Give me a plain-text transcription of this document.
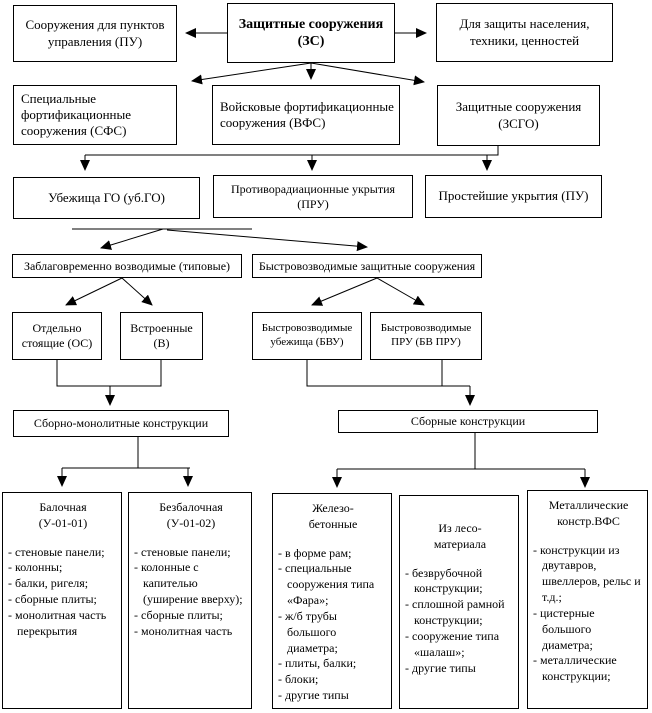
Сооружения для пунктов управления (ПУ)
Защитные сооружения (ЗС)
Для защиты населения, техники, ценностей
Специальные фортификационные сооружения (СФС)
Войсковые фортификационные сооружения (ВФС)
Защитные сооружения (ЗСГО)
Убежища ГО (уб.ГО)
Противорадиационные укрытия (ПРУ)
Простейшие укрытия (ПУ)
Заблаговременно возводимые (типовые)	Быстровозводимые защитные сооружения
Отдельно стоящие (ОС)
Встроенные (В)
Быстровозводимые убежища (БВУ)
Быстровозводимые ПРУ (БВ ПРУ)
Сборно-монолитные конструкции	Сборные конструкции
Балочная
(У-01-01)
- стеновые панели;
- колонны;
- балки, ригеля;
- сборные плиты;
- монолитная часть перекрытия
Безбалочная
(У-01-02)
- стеновые панели;
- колонные с капителью (уширение вверху);
- сборные плиты;
- монолитная часть
Железо-
бетонные
- в форме рам;
- специальные сооружения типа «Фара»;
- ж/б трубы большого диаметра;
- плиты, балки;
- блоки;
- другие типы
Из лесо-
материала
- безврубочной конструкции;
- сплошной рамной конструкции;
- сооружение типа «шалаш»;
- другие типы
Металлические
констр.ВФС
- конструкции из двутавров, швеллеров, рельс и т.д.;
- цистерные большого диаметра;
- металлические конструкции;
